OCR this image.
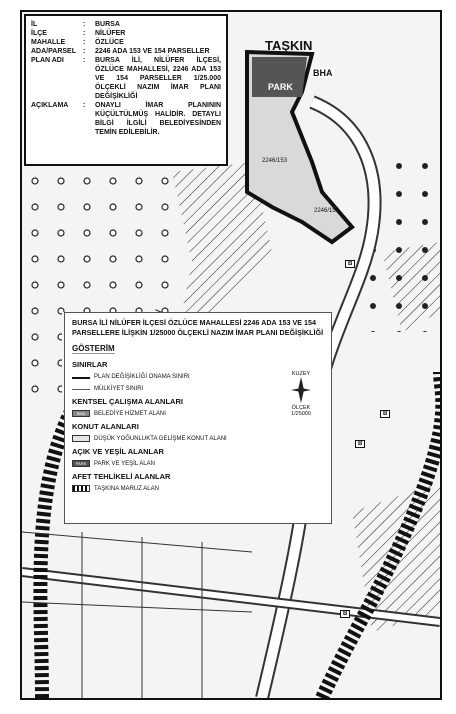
TAŞKIN
BHA
PARK
2246/153
2246/154
B
B
B
B
İL	:	BURSA
İLÇE	:	NİLÜFER
MAHALLE	:	ÖZLÜCE
ADA/PARSEL	:	2246 ADA 153 VE 154 PARSELLER
PLAN ADI	:	BURSA İLİ, NİLÜFER İLÇESİ, ÖZLÜCE MAHALLESİ, 2246 ADA 153 VE 154 PARSELLER 1/25.000 ÖLÇEKLİ NAZIM İMAR PLANI DEĞİŞİKLİĞİ
AÇIKLAMA	:	ONAYLI İMAR PLANININ KÜÇÜLTÜLMÜŞ HALİDİR. DETAYLI BİLGİ İLGİLİ BELEDİYESİNDEN TEMİN EDİLEBİLİR.
BURSA İLİ NİLÜFER İLÇESİ ÖZLÜCE MAHALLESİ 2246 ADA 153 VE 154 PARSELLERE İLİŞKİN 1/25000 ÖLÇEKLİ NAZIM İMAR PLANI DEĞİŞİKLİĞİ
GÖSTERİM
SINIRLAR
PLAN DEĞİŞİKLİĞİ ONAMA SINIRI
MÜLKİYET SINIRI
KENTSEL ÇALIŞMA ALANLARI
BHA	BELEDİYE HİZMET ALANI
KONUT ALANLARI
DÜŞÜK YOĞUNLUKTA GELİŞME KONUT ALANI
AÇIK VE YEŞİL ALANLAR
PARK	PARK VE YEŞİL ALAN
AFET TEHLİKELİ ALANLAR
TAŞKINA MARUZ ALAN
KUZEY
ÖLÇEK 1/25000
